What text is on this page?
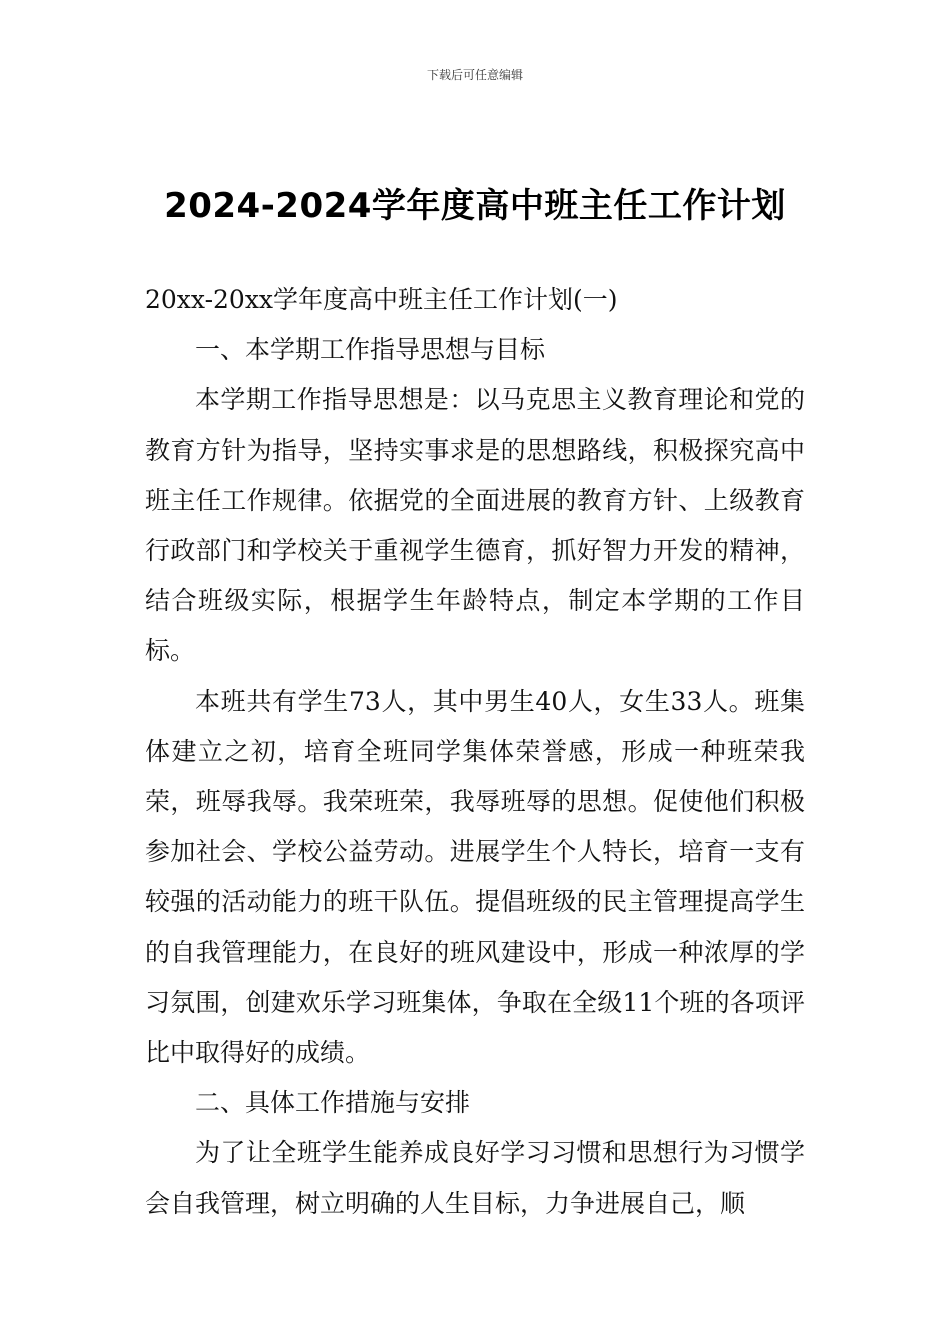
下载后可任意编辑
2024-2024学年度高中班主任工作计划

20xx-20xx学年度高中班主任工作计划(一)

一、本学期工作指导思想与目标

本学期工作指导思想是：以马克思主义教育理论和党的教育方针为指导，坚持实事求是的思想路线，积极探究高中班主任工作规律。依据党的全面进展的教育方针、上级教育行政部门和学校关于重视学生德育，抓好智力开发的精神，结合班级实际，根据学生年龄特点，制定本学期的工作目标。

本班共有学生73人，其中男生40人，女生33人。班集体建立之初，培育全班同学集体荣誉感，形成一种班荣我荣，班辱我辱。我荣班荣，我辱班辱的思想。促使他们积极参加社会、学校公益劳动。进展学生个人特长，培育一支有较强的活动能力的班干队伍。提倡班级的民主管理提高学生的自我管理能力，在良好的班风建设中，形成一种浓厚的学习氛围，创建欢乐学习班集体，争取在全级11个班的各项评比中取得好的成绩。

二、具体工作措施与安排

为了让全班学生能养成良好学习习惯和思想行为习惯学会自我管理，树立明确的人生目标，力争进展自己，顺
